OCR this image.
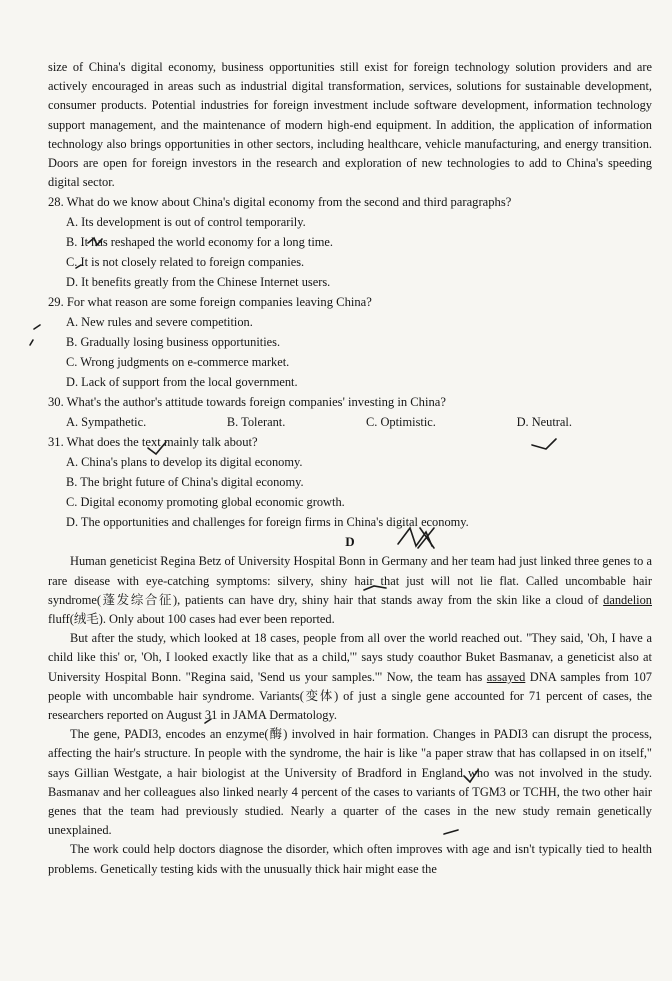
size of China's digital economy, business opportunities still exist for foreign technology solution providers and are actively encouraged in areas such as industrial digital transformation, services, solutions for sustainable development, consumer products. Potential industries for foreign investment include software development, information technology support management, and the maintenance of modern high-end equipment. In addition, the application of information technology also brings opportunities in other sectors, including healthcare, vehicle manufacturing, and energy transition. Doors are open for foreign investors in the research and exploration of new technologies to add to China's speeding digital sector.

28. What do we know about China's digital economy from the second and third paragraphs?
A. Its development is out of control temporarily.
B. It has reshaped the world economy for a long time.
C. It is not closely related to foreign companies.
D. It benefits greatly from the Chinese Internet users.
29. For what reason are some foreign companies leaving China?
A. New rules and severe competition.
B. Gradually losing business opportunities.
C. Wrong judgments on e-commerce market.
D. Lack of support from the local government.
30. What's the author's attitude towards foreign companies' investing in China?
A. Sympathetic.	B. Tolerant.	C. Optimistic.	D. Neutral.
31. What does the text mainly talk about?
A. China's plans to develop its digital economy.
B. The bright future of China's digital economy.
C. Digital economy promoting global economic growth.
D. The opportunities and challenges for foreign firms in China's digital economy.
D

Human geneticist Regina Betz of University Hospital Bonn in Germany and her team had just linked three genes to a rare disease with eye-catching symptoms: silvery, shiny hair that just will not lie flat. Called uncombable hair syndrome(蓬发综合征), patients can have dry, shiny hair that stands away from the skin like a cloud of dandelion fluff(绒毛). Only about 100 cases had ever been reported.

But after the study, which looked at 18 cases, people from all over the world reached out. "They said, 'Oh, I have a child like this' or, 'Oh, I looked exactly like that as a child,'" says study coauthor Buket Basmanav, a geneticist also at University Hospital Bonn. "Regina said, 'Send us your samples.'" Now, the team has assayed DNA samples from 107 people with uncombable hair syndrome. Variants(变体) of just a single gene accounted for 71 percent of cases, the researchers reported on August 31 in JAMA Dermatology.

The gene, PADI3, encodes an enzyme(酶) involved in hair formation. Changes in PADI3 can disrupt the process, affecting the hair's structure. In people with the syndrome, the hair is like "a paper straw that has collapsed in on itself," says Gillian Westgate, a hair biologist at the University of Bradford in England who was not involved in the study. Basmanav and her colleagues also linked nearly 4 percent of the cases to variants of TGM3 or TCHH, the two other hair genes that the team had previously studied. Nearly a quarter of the cases in the new study remain genetically unexplained.

The work could help doctors diagnose the disorder, which often improves with age and isn't typically tied to health problems. Genetically testing kids with the unusually thick hair might ease the
